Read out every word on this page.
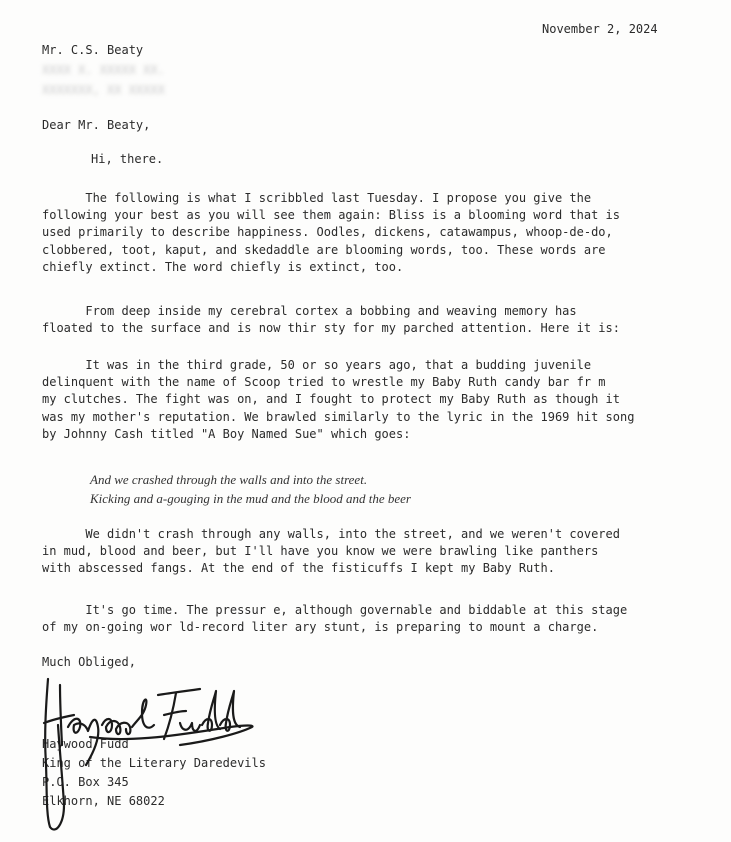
November 2, 2024
Mr. C.S. Beaty
XXXX X. XXXXX XX.
XXXXXXX, XX XXXXX
Dear Mr. Beaty,
Hi, there.
The following is what I scribbled last Tuesday. I propose you give the
following your best as you will see them again: Bliss is a blooming word that is
used primarily to describe happiness. Oodles, dickens, catawampus, whoop-de-do,
clobbered, toot, kaput, and skedaddle are blooming words, too. These words are
chiefly extinct. The word chiefly is extinct, too.
From deep inside my cerebral cortex a bobbing and weaving memory has
floated to the surface and is now thir sty for my parched attention. Here it is:
It was in the third grade, 50 or so years ago, that a budding juvenile
delinquent with the name of Scoop tried to wrestle my Baby Ruth candy bar fr m
my clutches. The fight was on, and I fought to protect my Baby Ruth as though it
was my mother's reputation. We brawled similarly to the lyric in the 1969 hit song
by Johnny Cash titled "A Boy Named Sue" which goes:
And we crashed through the walls and into the street.
Kicking and a-gouging in the mud and the blood and the beer
We didn't crash through any walls, into the street, and we weren't covered
in mud, blood and beer, but I'll have you know we were brawling like panthers
with abscessed fangs. At the end of the fisticuffs I kept my Baby Ruth.
It's go time. The pressur e, although governable and biddable at this stage
of my on-going wor ld-record liter ary stunt, is preparing to mount a charge.
Much Obliged,
Haywood Fudd
King of the Literary Daredevils
P.O. Box 345
Elkhorn, NE 68022
